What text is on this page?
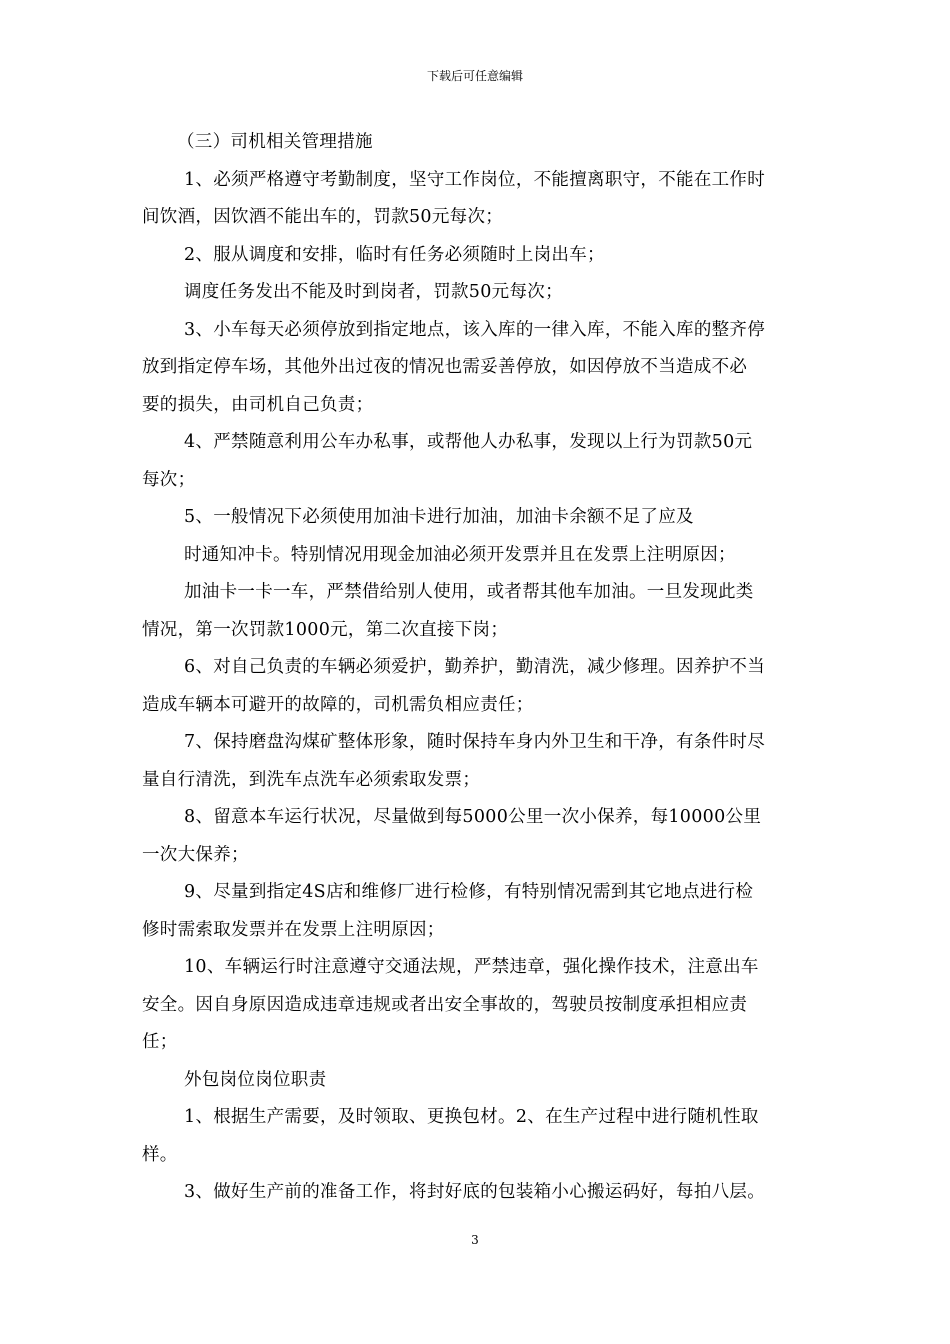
下载后可任意编辑
（三）司机相关管理措施
1、必须严格遵守考勤制度，坚守工作岗位，不能擅离职守，不能在工作时
间饮酒，因饮酒不能出车的，罚款50元每次；
2、服从调度和安排，临时有任务必须随时上岗出车；
调度任务发出不能及时到岗者，罚款50元每次；
3、小车每天必须停放到指定地点，该入库的一律入库，不能入库的整齐停
放到指定停车场，其他外出过夜的情况也需妥善停放，如因停放不当造成不必
要的损失，由司机自己负责；
4、严禁随意利用公车办私事，或帮他人办私事，发现以上行为罚款50元
每次；
5、一般情况下必须使用加油卡进行加油，加油卡余额不足了应及
时通知冲卡。特别情况用现金加油必须开发票并且在发票上注明原因；
加油卡一卡一车，严禁借给别人使用，或者帮其他车加油。一旦发现此类
情况，第一次罚款1000元，第二次直接下岗；
6、对自己负责的车辆必须爱护，勤养护，勤清洗，减少修理。因养护不当
造成车辆本可避开的故障的，司机需负相应责任；
7、保持磨盘沟煤矿整体形象，随时保持车身内外卫生和干净，有条件时尽
量自行清洗，到洗车点洗车必须索取发票；
8、留意本车运行状况，尽量做到每5000公里一次小保养，每10000公里
一次大保养；
9、尽量到指定4S店和维修厂进行检修，有特别情况需到其它地点进行检
修时需索取发票并在发票上注明原因；
10、车辆运行时注意遵守交通法规，严禁违章，强化操作技术，注意出车
安全。因自身原因造成违章违规或者出安全事故的，驾驶员按制度承担相应责
任；
外包岗位岗位职责
1、根据生产需要，及时领取、更换包材。2、在生产过程中进行随机性取
样。
3、做好生产前的准备工作，将封好底的包装箱小心搬运码好，每拍八层。
3
